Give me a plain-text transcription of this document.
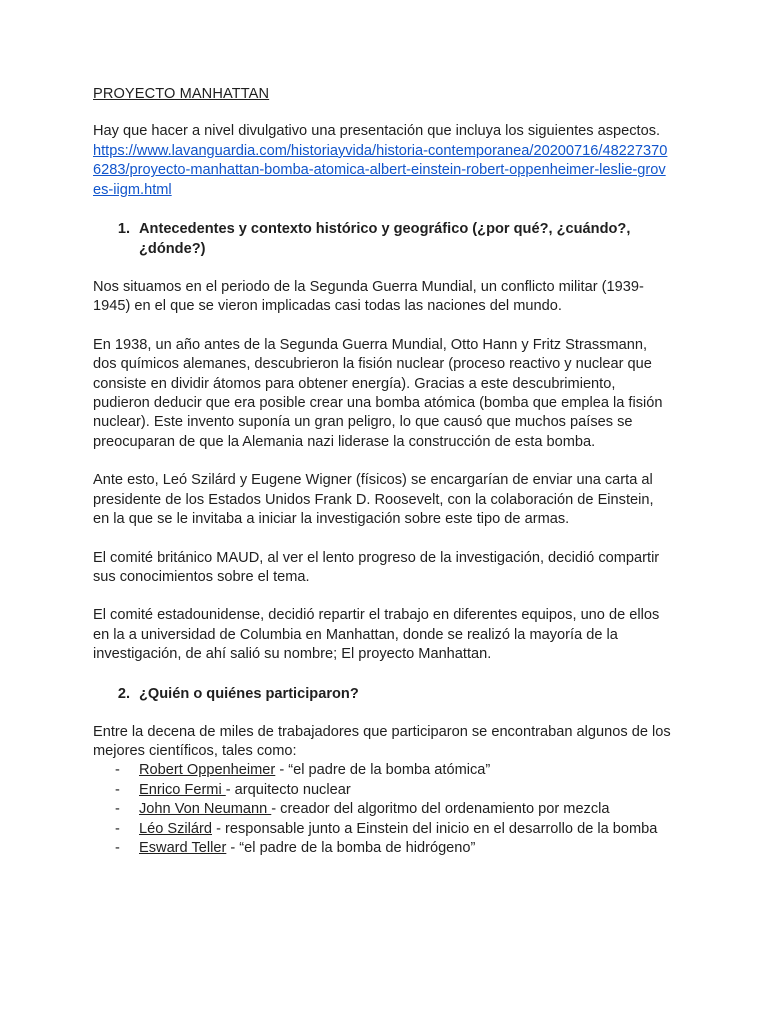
PROYECTO MANHATTAN

Hay que hacer a nivel divulgativo una presentación que incluya los siguientes aspectos.
https://www.lavanguardia.com/historiayvida/historia-contemporanea/20200716/482273706283/proyecto-manhattan-bomba-atomica-albert-einstein-robert-oppenheimer-leslie-groves-iigm.html

1. Antecedentes y contexto histórico y geográfico (¿por qué?, ¿cuándo?, ¿dónde?)

Nos situamos en el periodo de la Segunda Guerra Mundial, un conflicto militar (1939-1945) en el que se vieron implicadas casi todas las naciones del mundo.

En 1938, un año antes de la Segunda Guerra Mundial, Otto Hann y Fritz Strassmann, dos químicos alemanes, descubrieron la fisión nuclear (proceso reactivo y nuclear que consiste en dividir átomos para obtener energía). Gracias a este descubrimiento, pudieron deducir que era posible crear una bomba atómica (bomba que emplea la fisión nuclear). Este invento suponía un gran peligro, lo que causó que muchos países se preocuparan de que la Alemania nazi liderase la construcción de esta bomba.

Ante esto, Leó Szilárd y Eugene Wigner (físicos) se encargarían de enviar una carta al presidente de los Estados Unidos Frank D. Roosevelt, con la colaboración de Einstein, en la que se le invitaba a iniciar la investigación sobre este tipo de armas.

El comité británico MAUD, al ver el lento progreso de la investigación, decidió compartir sus conocimientos sobre el tema.

El comité estadounidense, decidió repartir el trabajo en diferentes equipos, uno de ellos en la a universidad de Columbia en Manhattan, donde se realizó la mayoría de la investigación, de ahí salió su nombre; El proyecto Manhattan.

2. ¿Quién o quiénes participaron?

Entre la decena de miles de trabajadores que participaron se encontraban algunos de los mejores científicos, tales como:

-	Robert Oppenheimer - “el padre de la bomba atómica”
-	Enrico Fermi - arquitecto nuclear
-	John Von Neumann - creador del algoritmo del ordenamiento por mezcla
-	Léo Szilárd - responsable junto a Einstein del inicio en el desarrollo de la bomba
-	Esward Teller - “el padre de la bomba de hidrógeno”
